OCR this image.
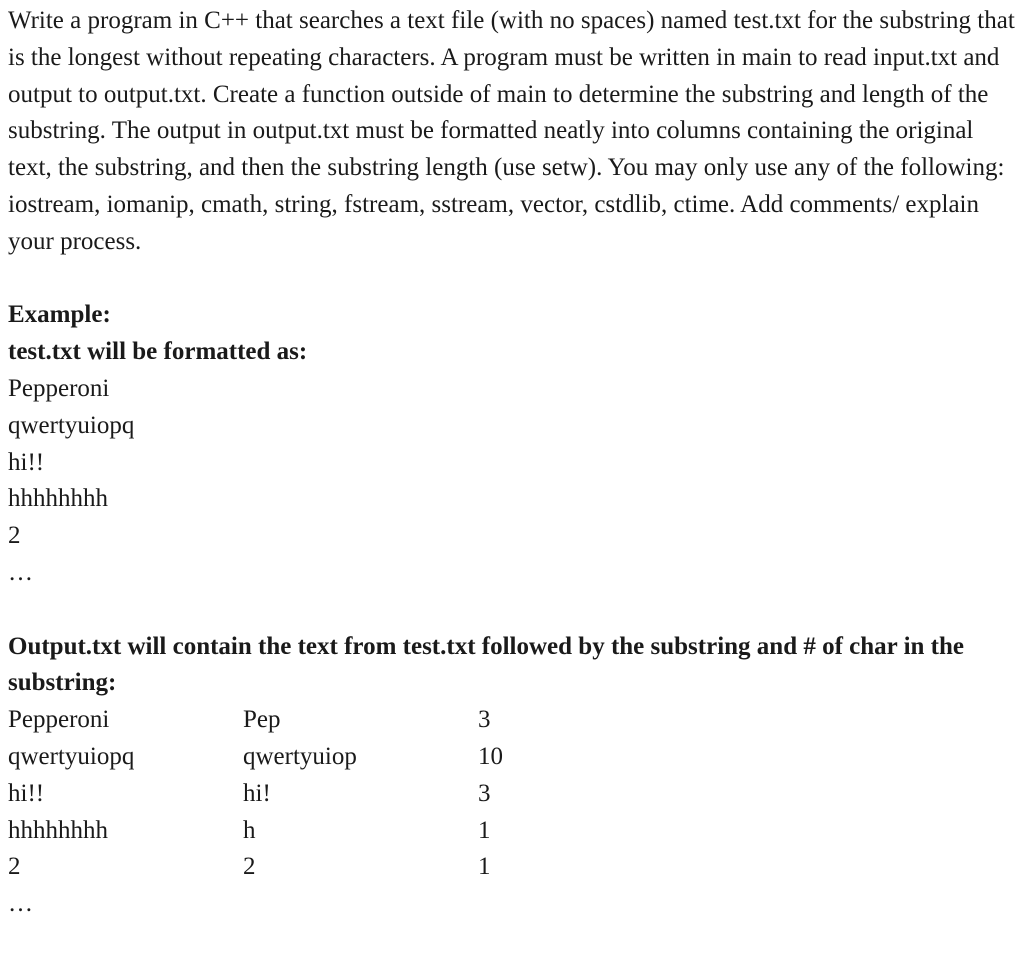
Write a program in C++ that searches a text file (with no spaces) named test.txt for the substring that is the longest without repeating characters. A program must be written in main to read input.txt and output to output.txt. Create a function outside of main to determine the substring and length of the substring. The output in output.txt must be formatted neatly into columns containing the original text, the substring, and then the substring length (use setw). You may only use any of the following: iostream, iomanip, cmath, string, fstream, sstream, vector, cstdlib, ctime. Add comments/ explain your process.

Example:

test.txt will be formatted as:

Pepperoni

qwertyuiopq

hi!!

hhhhhhhh

2

…

Output.txt will contain the text from test.txt followed by the substring and # of char in the substring:

Pepperoni	Pep	3
qwertyuiopq	qwertyuiop	10
hi!!	hi!	3
hhhhhhhh	h	1
2	2	1

…
